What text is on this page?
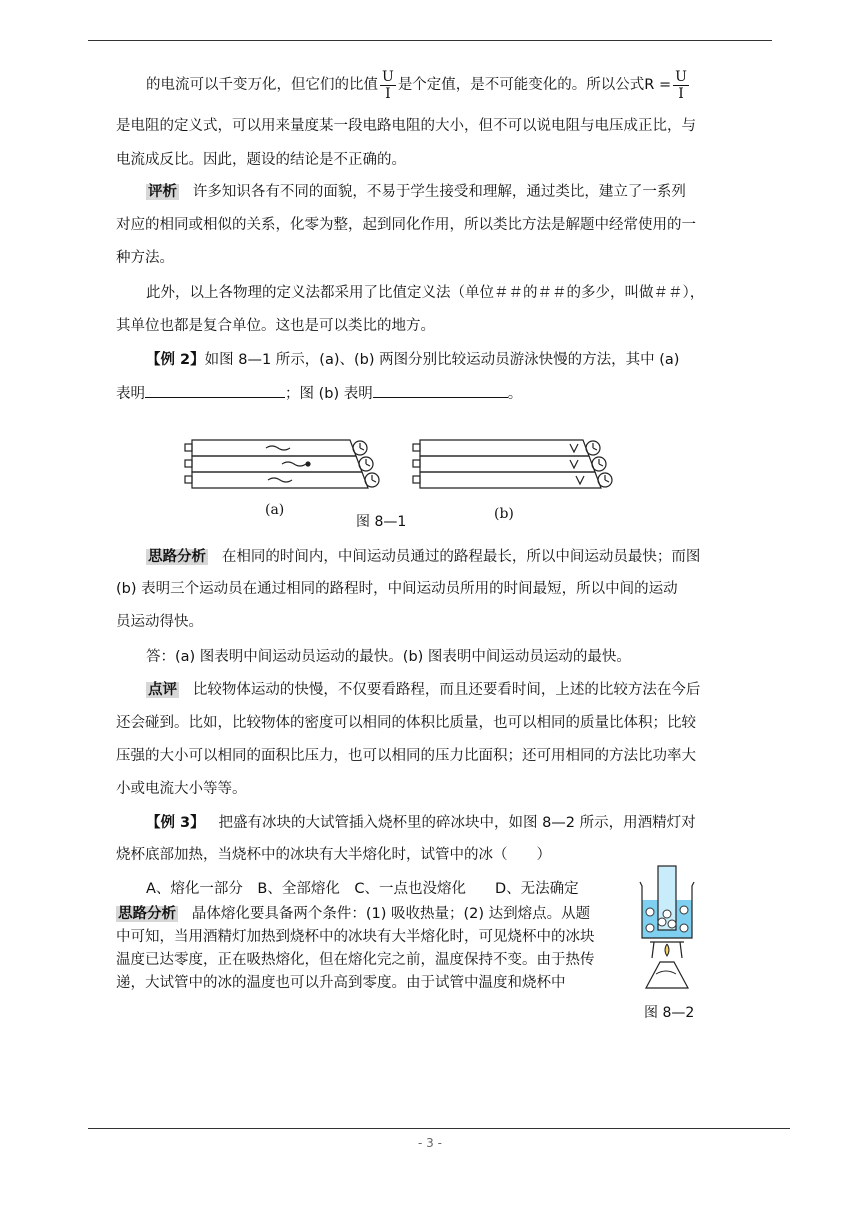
的电流可以千变万化，但它们的比值 $\frac{U}{I}$ 是个定值，是不可能变化的。所以公式$R = \frac{U}{I}$
是电阻的定义式，可以用来量度某一段电路电阻的大小，但不可以说电阻与电压成正比，与
电流成反比。因此，题设的结论是不正确的。
评析 许多知识各有不同的面貌，不易于学生接受和理解，通过类比，建立了一系列
对应的相同或相似的关系，化零为整，起到同化作用，所以类比方法是解题中经常使用的一
种方法。
此外，以上各物理的定义法都采用了比值定义法（单位＃＃的＃＃的多少，叫做＃＃），
其单位也都是复合单位。这也是可以类比的地方。
【例 2】如图 8—1 所示，(a)、(b) 两图分别比较运动员游泳快慢的方法，其中 (a)
表明	；图 (b) 表明	。
(a)
图 8—1	(b)
思路分析 在相同的时间内，中间运动员通过的路程最长，所以中间运动员最快；而图
(b) 表明三个运动员在通过相同的路程时，中间运动员所用的时间最短，所以中间的运动
员运动得快。
答：(a) 图表明中间运动员运动的最快。(b) 图表明中间运动员运动的最快。
点评 比较物体运动的快慢，不仅要看路程，而且还要看时间，上述的比较方法在今后
还会碰到。比如，比较物体的密度可以相同的体积比质量，也可以相同的质量比体积；比较
压强的大小可以相同的面积比压力，也可以相同的压力比面积；还可用相同的方法比功率大
小或电流大小等等。
【例 3】 把盛有冰块的大试管插入烧杯里的碎冰块中，如图 8—2 所示，用酒精灯对
烧杯底部加热，当烧杯中的冰块有大半熔化时，试管中的冰（　　）
A、熔化一部分　B、全部熔化　C、一点也没熔化　　D、无法确定
思路分析 晶体熔化要具备两个条件：(1) 吸收热量；(2) 达到熔点。从题
中可知，当用酒精灯加热到烧杯中的冰块有大半熔化时，可见烧杯中的冰块
温度已达零度，正在吸热熔化，但在熔化完之前，温度保持不变。由于热传
递，大试管中的冰的温度也可以升高到零度。由于试管中温度和烧杯中
图 8—2
- 3 -
